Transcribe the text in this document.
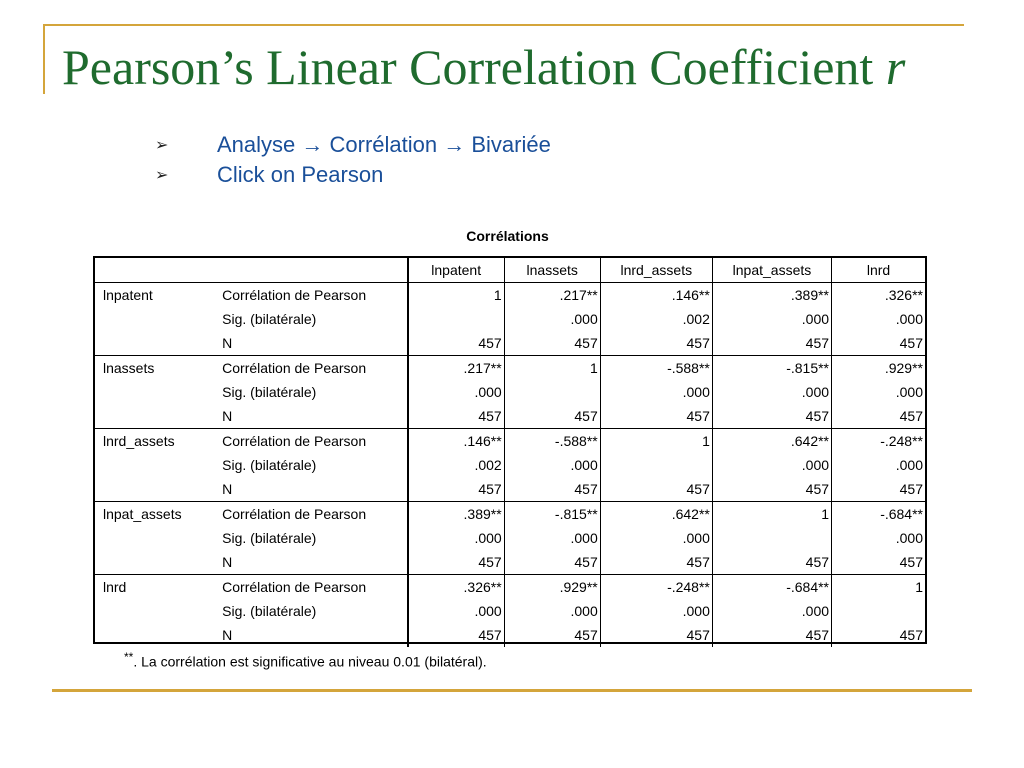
Pearson’s Linear Correlation Coefficient r
➢	Analyse → Corrélation → Bivariée
➢	Click on Pearson
Corrélations
		lnpatent	lnassets	lnrd_assets	lnpat_assets	lnrd
lnpatent	Corrélation de Pearson	1	.217**	.146**	.389**	.326**
	Sig. (bilatérale)		.000	.002	.000	.000
	N	457	457	457	457	457
lnassets	Corrélation de Pearson	.217**	1	-.588**	-.815**	.929**
	Sig. (bilatérale)	.000		.000	.000	.000
	N	457	457	457	457	457
lnrd_assets	Corrélation de Pearson	.146**	-.588**	1	.642**	-.248**
	Sig. (bilatérale)	.002	.000		.000	.000
	N	457	457	457	457	457
lnpat_assets	Corrélation de Pearson	.389**	-.815**	.642**	1	-.684**
	Sig. (bilatérale)	.000	.000	.000		.000
	N	457	457	457	457	457
lnrd	Corrélation de Pearson	.326**	.929**	-.248**	-.684**	1
	Sig. (bilatérale)	.000	.000	.000	.000	
	N	457	457	457	457	457
**. La corrélation est significative au niveau 0.01 (bilatéral).
